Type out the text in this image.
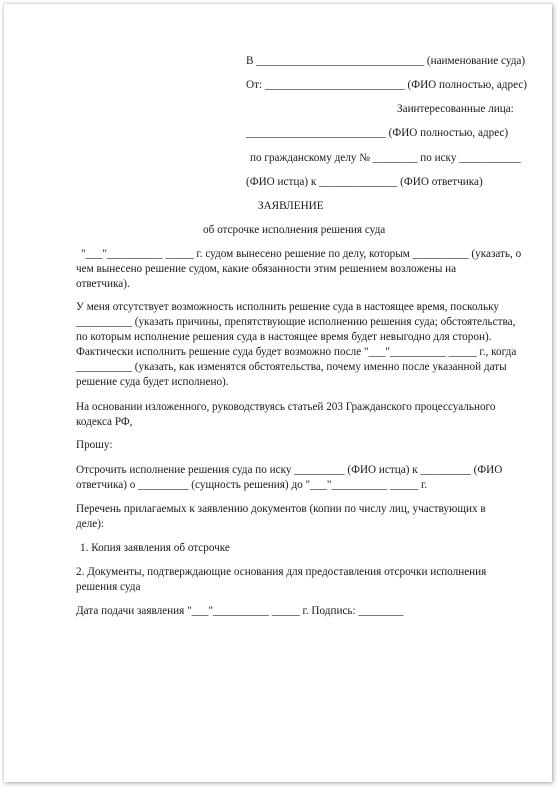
В ______________________________ (наименование суда)
От: _________________________ (ФИО полностью, адрес)
Заинтересованные лица:
_________________________ (ФИО полностью, адрес)
по гражданскому делу № ________ по иску ___________
(ФИО истца) к ______________ (ФИО ответчика)
ЗАЯВЛЕНИЕ
об отсрочке исполнения решения суда
"___"__________ _____ г. судом вынесено решение по делу, которым __________ (указать, о
чем вынесено решение судом, какие обязанности этим решением возложены на
ответчика).
У меня отсутствует возможность исполнить решение суда в настоящее время, поскольку
__________ (указать причины, препятствующие исполнению решения суда; обстоятельства,
по которым исполнение решения суда в настоящее время будет невыгодно для сторон).
Фактически исполнить решение суда будет возможно после "___"__________ _____ г., когда
__________ (указать, как изменятся обстоятельства, почему именно после указанной даты
решение суда будет исполнено).
На основании изложенного, руководствуясь статьей 203 Гражданского процессуального
кодекса РФ,
Прошу:
Отсрочить исполнение решения суда по иску _________ (ФИО истца) к _________ (ФИО
ответчика) о _________ (сущность решения) до "___"__________ _____ г.
Перечень прилагаемых к заявлению документов (копии по числу лиц, участвующих в
деле):
1. Копия заявления об отсрочке
2. Документы, подтверждающие основания для предоставления отсрочки исполнения
решения суда
Дата подачи заявления "___"__________ _____ г. Подпись: ________
